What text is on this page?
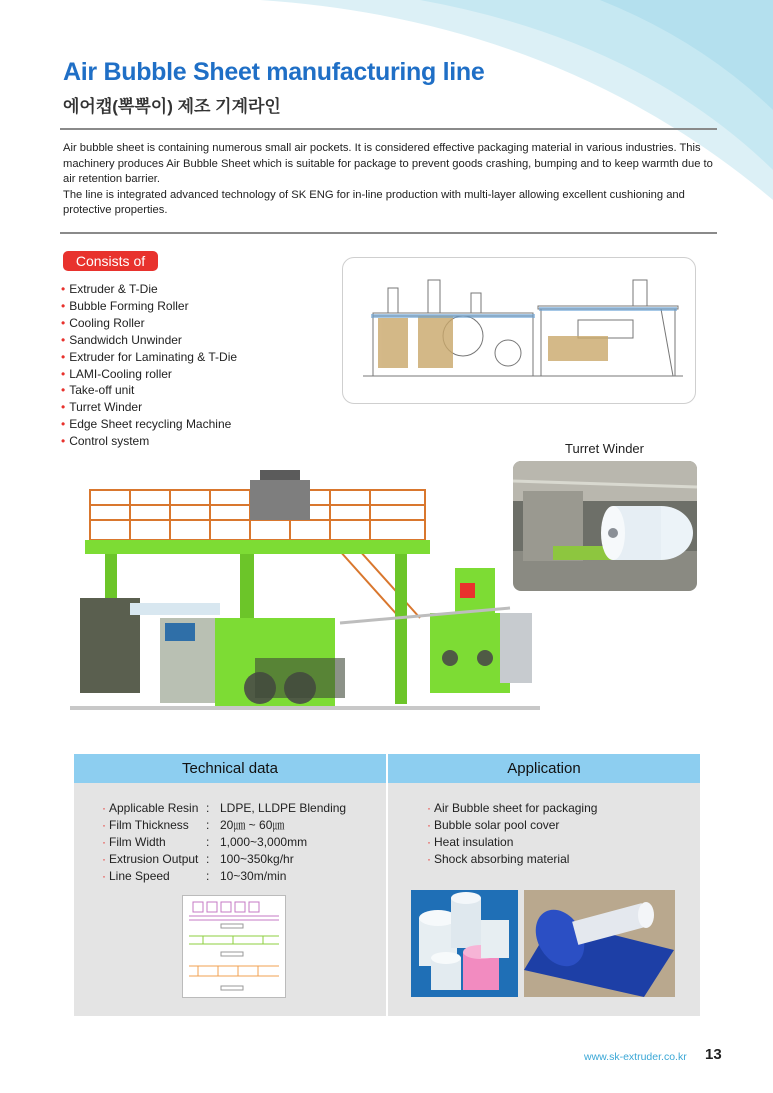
Air Bubble Sheet manufacturing line
에어캡(뽁뽁이) 제조 기계라인

Air bubble sheet is containing numerous small air pockets. It is considered effective packaging material in various industries. This machinery produces Air Bubble Sheet which is suitable for package to prevent goods crashing, bumping and to keep warmth due to air retention barrier.

The line is integrated advanced technology of SK ENG for in-line production with multi-layer allowing excellent cushioning and protective properties.

Consists of
• Extruder & T-Die
• Bubble Forming Roller
• Cooling Roller
• Sandwidch Unwinder
• Extruder for Laminating & T-Die
• LAMI-Cooling roller
• Take-off unit
• Turret Winder
• Edge Sheet recycling Machine
• Control system	Turret Winder
Technical data	Application
· Applicable Resin	:	LDPE, LLDPE Blending
· Film Thickness	:	20㎛ ~ 60㎛
· Film Width	:	1,000~3,000mm
· Extrusion Output	:	100~350kg/hr
· Line Speed	:	10~30m/min
· Air Bubble sheet for packaging
· Bubble solar pool cover
· Heat insulation
· Shock absorbing material
www.sk-extruder.co.kr 13
